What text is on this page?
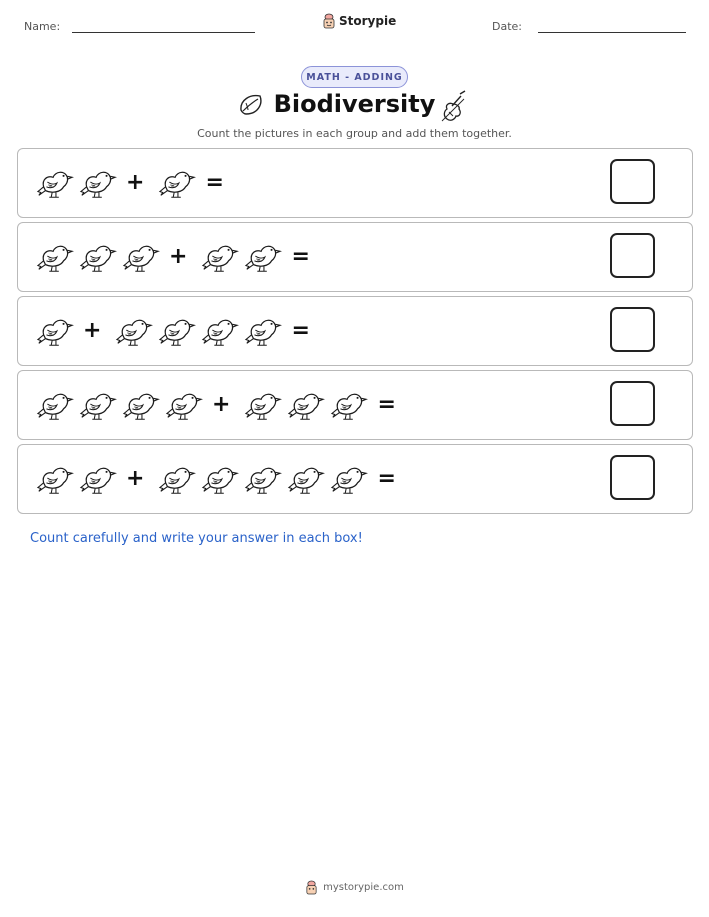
Name:	Storypie	Date:
MATH - ADDING
Biodiversity
Count the pictures in each group and add them together.
+	=
+	=
+	=
+	=
+	=
Count carefully and write your answer in each box!
mystorypie.com
